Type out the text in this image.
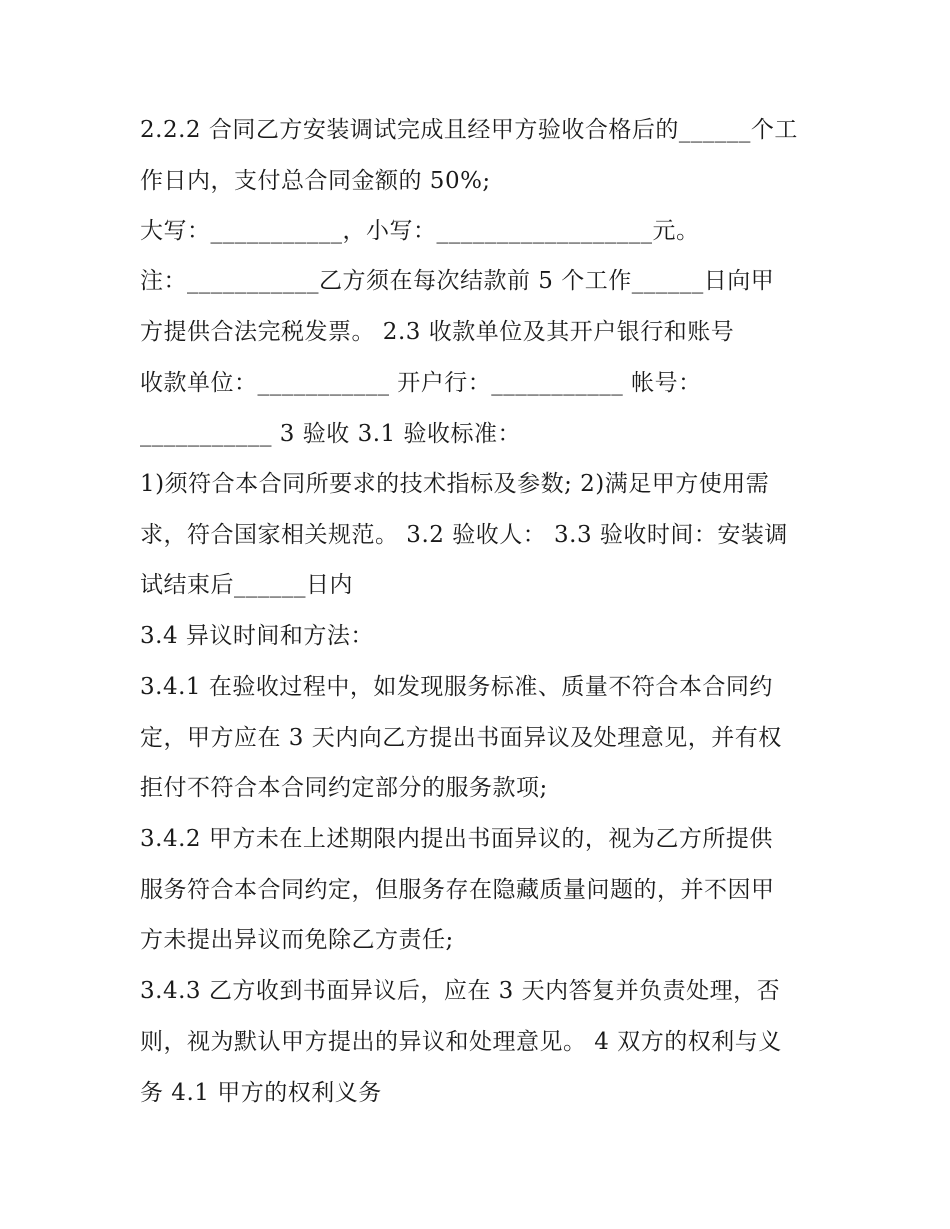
2.2.2 合同乙方安装调试完成且经甲方验收合格后的______个工
作日内，支付总合同金额的 50%;
大写：___________，小写：__________________元。
注：___________乙方须在每次结款前 5 个工作______日向甲
方提供合法完税发票。 2.3 收款单位及其开户银行和账号
收款单位：___________ 开户行：___________ 帐号：
___________ 3 验收 3.1 验收标准：
1)须符合本合同所要求的技术指标及参数; 2)满足甲方使用需
求，符合国家相关规范。 3.2 验收人： 3.3 验收时间：安装调
试结束后______日内
3.4 异议时间和方法：
3.4.1 在验收过程中，如发现服务标准、质量不符合本合同约
定，甲方应在 3 天内向乙方提出书面异议及处理意见，并有权
拒付不符合本合同约定部分的服务款项;
3.4.2 甲方未在上述期限内提出书面异议的，视为乙方所提供
服务符合本合同约定，但服务存在隐藏质量问题的，并不因甲
方未提出异议而免除乙方责任;
3.4.3 乙方收到书面异议后，应在 3 天内答复并负责处理，否
则，视为默认甲方提出的异议和处理意见。 4 双方的权利与义
务 4.1 甲方的权利义务
